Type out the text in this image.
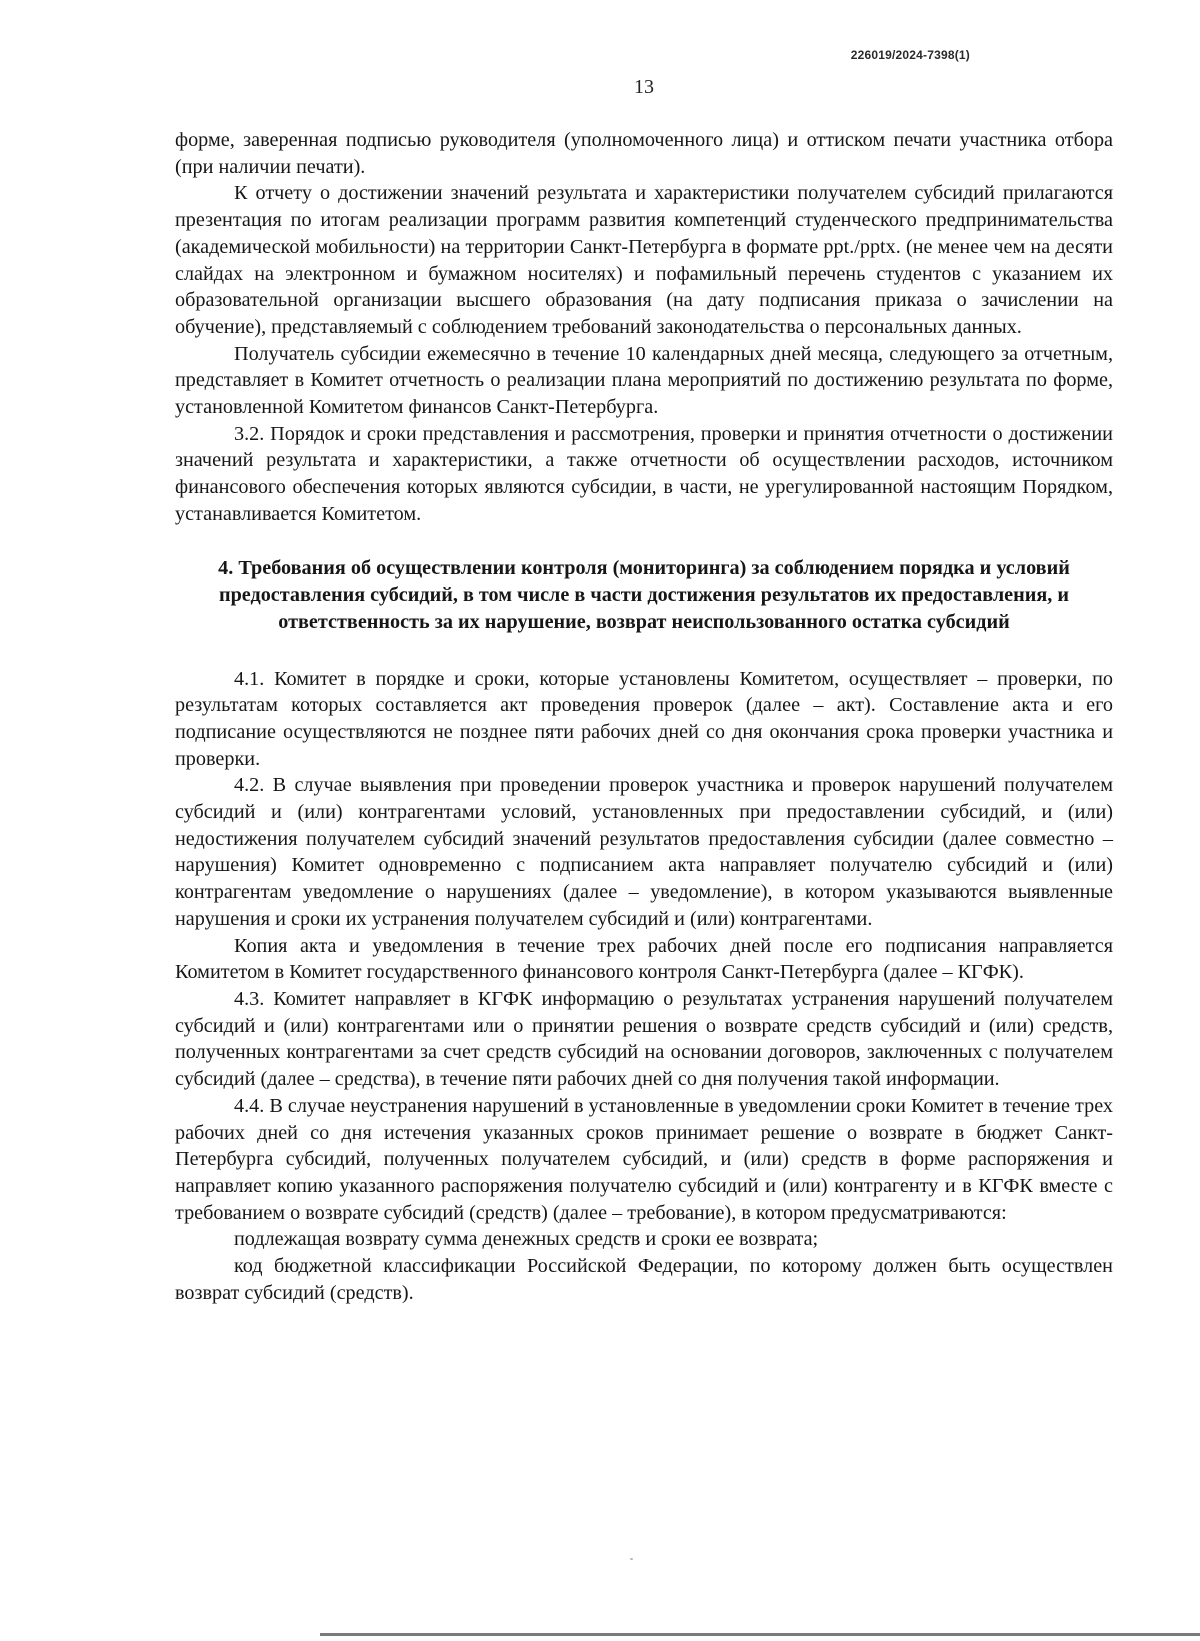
226019/2024-7398(1)
13

форме, заверенная подписью руководителя (уполномоченного лица) и оттиском печати участника отбора (при наличии печати).

К отчету о достижении значений результата и характеристики получателем субсидий прилагаются презентация по итогам реализации программ развития компетенций студенческого предпринимательства (академической мобильности) на территории Санкт-Петербурга в формате ppt./pptx. (не менее чем на десяти слайдах на электронном и бумажном носителях) и пофамильный перечень студентов с указанием их образовательной организации высшего образования (на дату подписания приказа о зачислении на обучение), представляемый с соблюдением требований законодательства о персональных данных.

Получатель субсидии ежемесячно в течение 10 календарных дней месяца, следующего за отчетным, представляет в Комитет отчетность о реализации плана мероприятий по достижению результата по форме, установленной Комитетом финансов Санкт-Петербурга.

3.2. Порядок и сроки представления и рассмотрения, проверки и принятия отчетности о достижении значений результата и характеристики, а также отчетности об осуществлении расходов, источником финансового обеспечения которых являются субсидии, в части, не урегулированной настоящим Порядком, устанавливается Комитетом.

4. Требования об осуществлении контроля (мониторинга) за соблюдением порядка и условий предоставления субсидий, в том числе в части достижения результатов их предоставления, и ответственность за их нарушение, возврат неиспользованного остатка субсидий

4.1. Комитет в порядке и сроки, которые установлены Комитетом, осуществляет – проверки, по результатам которых составляется акт проведения проверок (далее – акт). Составление акта и его подписание осуществляются не позднее пяти рабочих дней со дня окончания срока проверки участника и проверки.

4.2. В случае выявления при проведении проверок участника и проверок нарушений получателем субсидий и (или) контрагентами условий, установленных при предоставлении субсидий, и (или) недостижения получателем субсидий значений результатов предоставления субсидии (далее совместно – нарушения) Комитет одновременно с подписанием акта направляет получателю субсидий и (или) контрагентам уведомление о нарушениях (далее – уведомление), в котором указываются выявленные нарушения и сроки их устранения получателем субсидий и (или) контрагентами.

Копия акта и уведомления в течение трех рабочих дней после его подписания направляется Комитетом в Комитет государственного финансового контроля Санкт-Петербурга (далее – КГФК).

4.3. Комитет направляет в КГФК информацию о результатах устранения нарушений получателем субсидий и (или) контрагентами или о принятии решения о возврате средств субсидий и (или) средств, полученных контрагентами за счет средств субсидий на основании договоров, заключенных с получателем субсидий (далее – средства), в течение пяти рабочих дней со дня получения такой информации.

4.4. В случае неустранения нарушений в установленные в уведомлении сроки Комитет в течение трех рабочих дней со дня истечения указанных сроков принимает решение о возврате в бюджет Санкт-Петербурга субсидий, полученных получателем субсидий, и (или) средств в форме распоряжения и направляет копию указанного распоряжения получателю субсидий и (или) контрагенту и в КГФК вместе с требованием о возврате субсидий (средств) (далее – требование), в котором предусматриваются:

подлежащая возврату сумма денежных средств и сроки ее возврата;

код бюджетной классификации Российской Федерации, по которому должен быть осуществлен возврат субсидий (средств).
